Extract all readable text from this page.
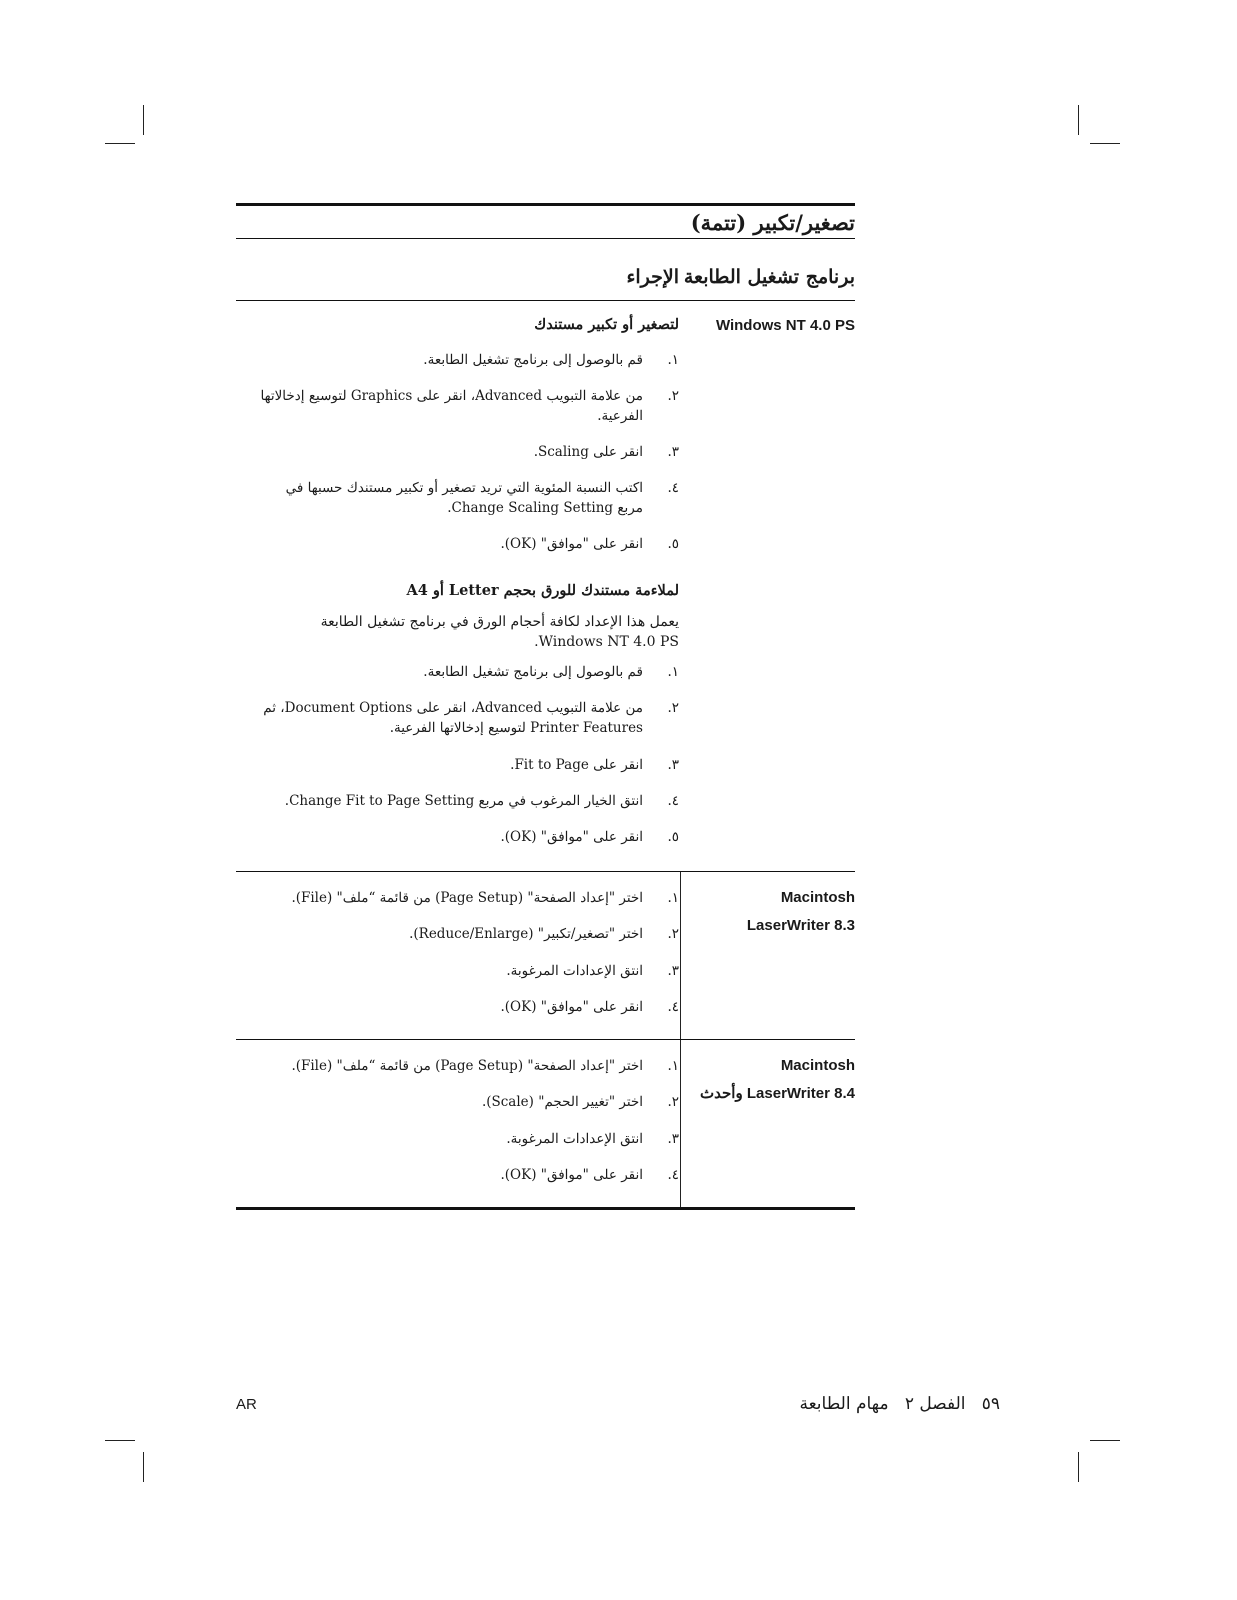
تصغير/تكبير (تتمة)
برنامج تشغيل الطابعة
الإجراء
Windows NT 4.0 PS
لتصغير أو تكبير مستندك
١.
قم بالوصول إلى برنامج تشغيل الطابعة.
٢.
من علامة التبويب Advanced، انقر على Graphics لتوسيع إدخالاتها الفرعية.
٣.
انقر على Scaling.
٤.
اكتب النسبة المئوية التي تريد تصغير أو تكبير مستندك حسبها في مربع Change Scaling Setting.
٥.
انقر على "موافق" (OK).
لملاءمة مستندك للورق بحجم Letter أو A4
يعمل هذا الإعداد لكافة أحجام الورق في برنامج تشغيل الطابعة Windows NT 4.0 PS.
١.
قم بالوصول إلى برنامج تشغيل الطابعة.
٢.
من علامة التبويب Advanced، انقر على Document Options، ثم Printer Features لتوسيع إدخالاتها الفرعية.
٣.
انقر على Fit to Page.
٤.
انتق الخيار المرغوب في مربع Change Fit to Page Setting.
٥.
انقر على "موافق" (OK).
Macintosh
LaserWriter 8.3
١.
اختر "إعداد الصفحة" (Page Setup) من قائمة “ملف" (File).
٢.
اختر "تصغير/تكبير" (Reduce/Enlarge).
٣.
انتق الإعدادات المرغوبة.
٤.
انقر على "موافق" (OK).
Macintosh
LaserWriter 8.4 وأحدث
١.
اختر "إعداد الصفحة" (Page Setup) من قائمة “ملف" (File).
٢.
اختر "تغيير الحجم" (Scale).
٣.
انتق الإعدادات المرغوبة.
٤.
انقر على "موافق" (OK).
AR	٥٩   الفصل ٢   مهام الطابعة
